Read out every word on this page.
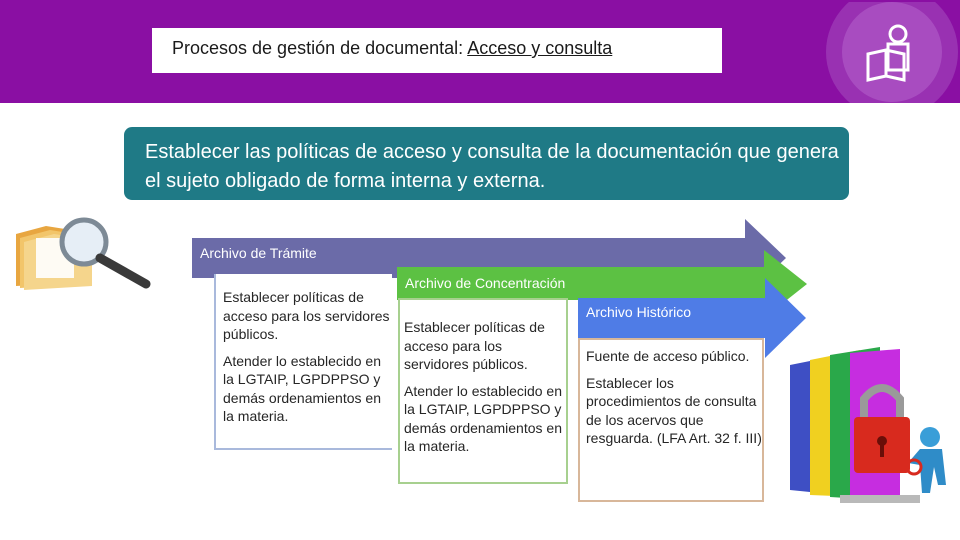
Procesos de gestión de documental: Acceso y consulta
Establecer las políticas de acceso y consulta de la documentación que genera el sujeto obligado de forma interna y externa.
Archivo de Trámite
Archivo de Concentración
Archivo Histórico

Establecer políticas de acceso para los servidores públicos.

Atender lo establecido en la LGTAIP, LGPDPPSO y demás ordenamientos en la materia.

Establecer políticas de acceso para los servidores públicos.

Atender lo establecido en la LGTAIP, LGPDPPSO y demás ordenamientos en la materia.

Fuente de acceso público.

Establecer los procedimientos de consulta de los acervos que resguarda. (LFA Art. 32 f. III)
